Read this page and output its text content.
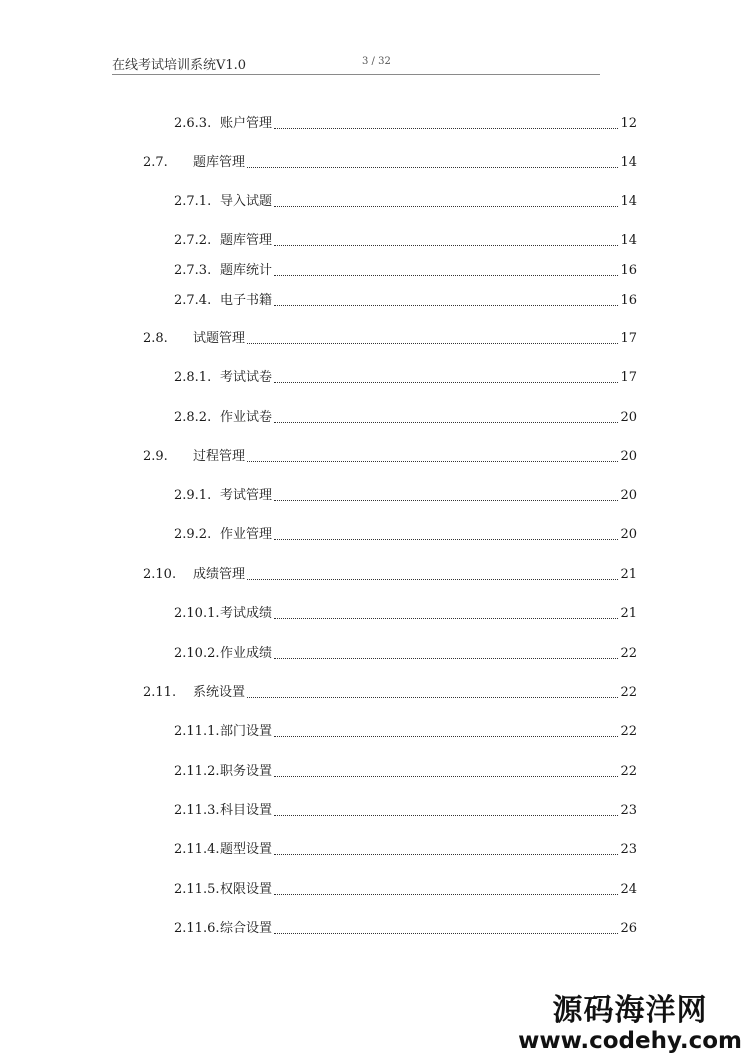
在线考试培训系统V1.0	3 / 32
2.6.3. 账户管理	12
2.7.	题库管理	14
2.7.1. 导入试题	14
2.7.2. 题库管理	14
2.7.3. 题库统计	16
2.7.4. 电子书籍	16
2.8.	试题管理	17
2.8.1. 考试试卷	17
2.8.2. 作业试卷	20
2.9.	过程管理	20
2.9.1. 考试管理	20
2.9.2. 作业管理	20
2.10.	成绩管理	21
2.10.1. 考试成绩	21
2.10.2. 作业成绩	22
2.11.	系统设置	22
2.11.1. 部门设置	22
2.11.2. 职务设置	22
2.11.3. 科目设置	23
2.11.4. 题型设置	23
2.11.5. 权限设置	24
2.11.6. 综合设置	26
源码海洋网
www.codehy.com
